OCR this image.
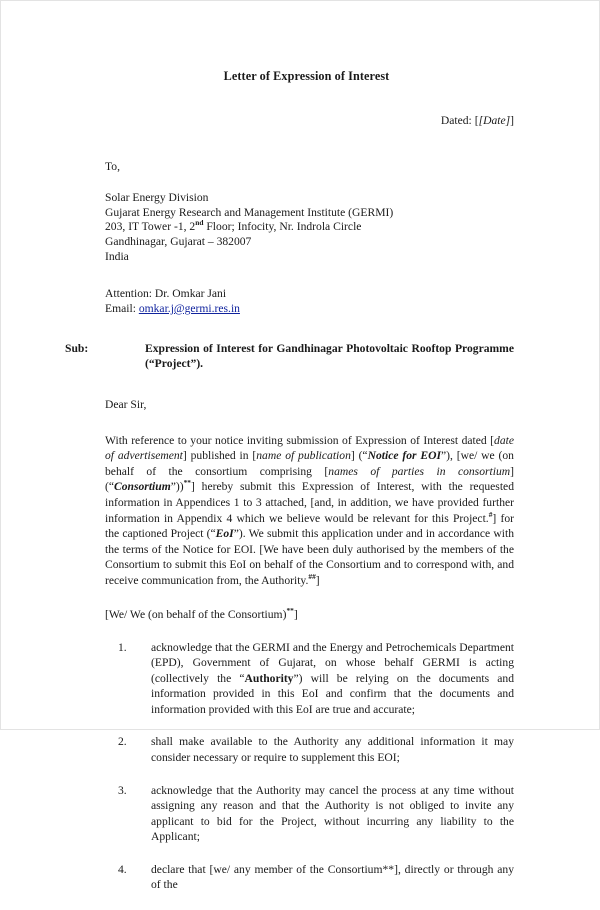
Letter of Expression of Interest
Dated: [[Date]]
To,
Solar Energy Division
Gujarat Energy Research and Management Institute (GERMI)
203, IT Tower -1, 2nd Floor; Infocity, Nr. Indrola Circle
Gandhinagar, Gujarat – 382007
India
Attention: Dr. Omkar Jani
Email: omkar.j@germi.res.in
Sub:	Expression of Interest for Gandhinagar Photovoltaic Rooftop Programme (“Project”).
Dear Sir,

With reference to your notice inviting submission of Expression of Interest dated [date of advertisement] published in [name of publication] (“Notice for EOI”), [we/ we (on behalf of the consortium comprising [names of parties in consortium] (“Consortium”))**] hereby submit this Expression of Interest, with the requested information in Appendices 1 to 3 attached, [and, in addition, we have provided further information in Appendix 4 which we believe would be relevant for this Project.#] for the captioned Project (“EoI”). We submit this application under and in accordance with the terms of the Notice for EOI. [We have been duly authorised by the members of the Consortium to submit this EoI on behalf of the Consortium and to correspond with, and receive communication from, the Authority.##]

[We/ We (on behalf of the Consortium)**]
1. acknowledge that the GERMI and the Energy and Petrochemicals Department (EPD), Government of Gujarat, on whose behalf GERMI is acting (collectively the “Authority”) will be relying on the documents and information provided in this EoI and confirm that the documents and information provided with this EoI are true and accurate;
2. shall make available to the Authority any additional information it may consider necessary or require to supplement this EOI;
3. acknowledge that the Authority may cancel the process at any time without assigning any reason and that the Authority is not obliged to invite any applicant to bid for the Project, without incurring any liability to the Applicant;
4. declare that [we/ any member of the Consortium**], directly or through any of the
